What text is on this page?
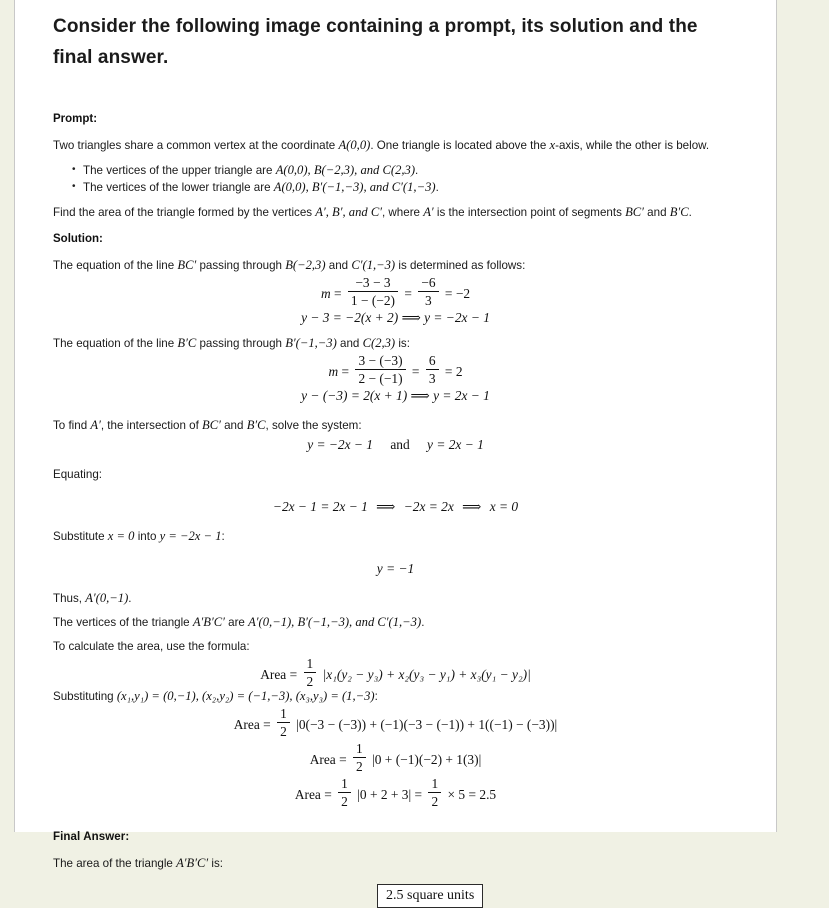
Consider the following image containing a prompt, its solution and the final answer.
Prompt:

Two triangles share a common vertex at the coordinate A(0,0). One triangle is located above the x-axis, while the other is below.

• The vertices of the upper triangle are A(0,0), B(−2,3), and C(2,3).
• The vertices of the lower triangle are A(0,0), B′(−1,−3), and C′(1,−3).

Find the area of the triangle formed by the vertices A′, B′, and C′, where A′ is the intersection point of segments BC′ and B′C.

Solution:

The equation of the line BC′ passing through B(−2,3) and C′(1,−3) is determined as follows:

$m = \frac{-3 - 3}{1 - (-2)} = \frac{-6}{3} = -2$
y − 3 = −2(x + 2) ⟹ y = −2x − 1

The equation of the line B′C passing through B′(−1,−3) and C(2,3) is:

$m = \frac{3 - (-3)}{2 - (-1)} = \frac{6}{3} = 2$
y − (−3) = 2(x + 1) ⟹ y = 2x − 1

To find A′, the intersection of BC′ and B′C, solve the system:

y = −2x − 1 and y = 2x − 1
Equating:
−2x − 1 = 2x − 1 ⟹ −2x = 2x ⟹ x = 0

Substitute x = 0 into y = −2x − 1:

y = −1

Thus, A′(0,−1).

The vertices of the triangle A′B′C′ are A′(0,−1), B′(−1,−3), and C′(1,−3).

To calculate the area, use the formula:

Area = $\frac{1}{2} |x_1(y_2 - y_3) + x_2(y_3 - y_1) + x_3(y_1 - y_2)|$

Substituting (x₁,y₁) = (0,−1), (x₂,y₂) = (−1,−3), (x₃,y₃) = (1,−3):

Area = $\frac{1}{2} |0(-3 - (-3)) + (-1)(-3 - (-1)) + 1((-1) - (-3))|$
Area = $\frac{1}{2} |0 + (-1)(-2) + 1(3)|$
Area = $\frac{1}{2} |0 + 2 + 3| = \frac{1}{2} \times 5 = 2.5$
Final Answer:

The area of the triangle A′B′C′ is:

2.5 square units
